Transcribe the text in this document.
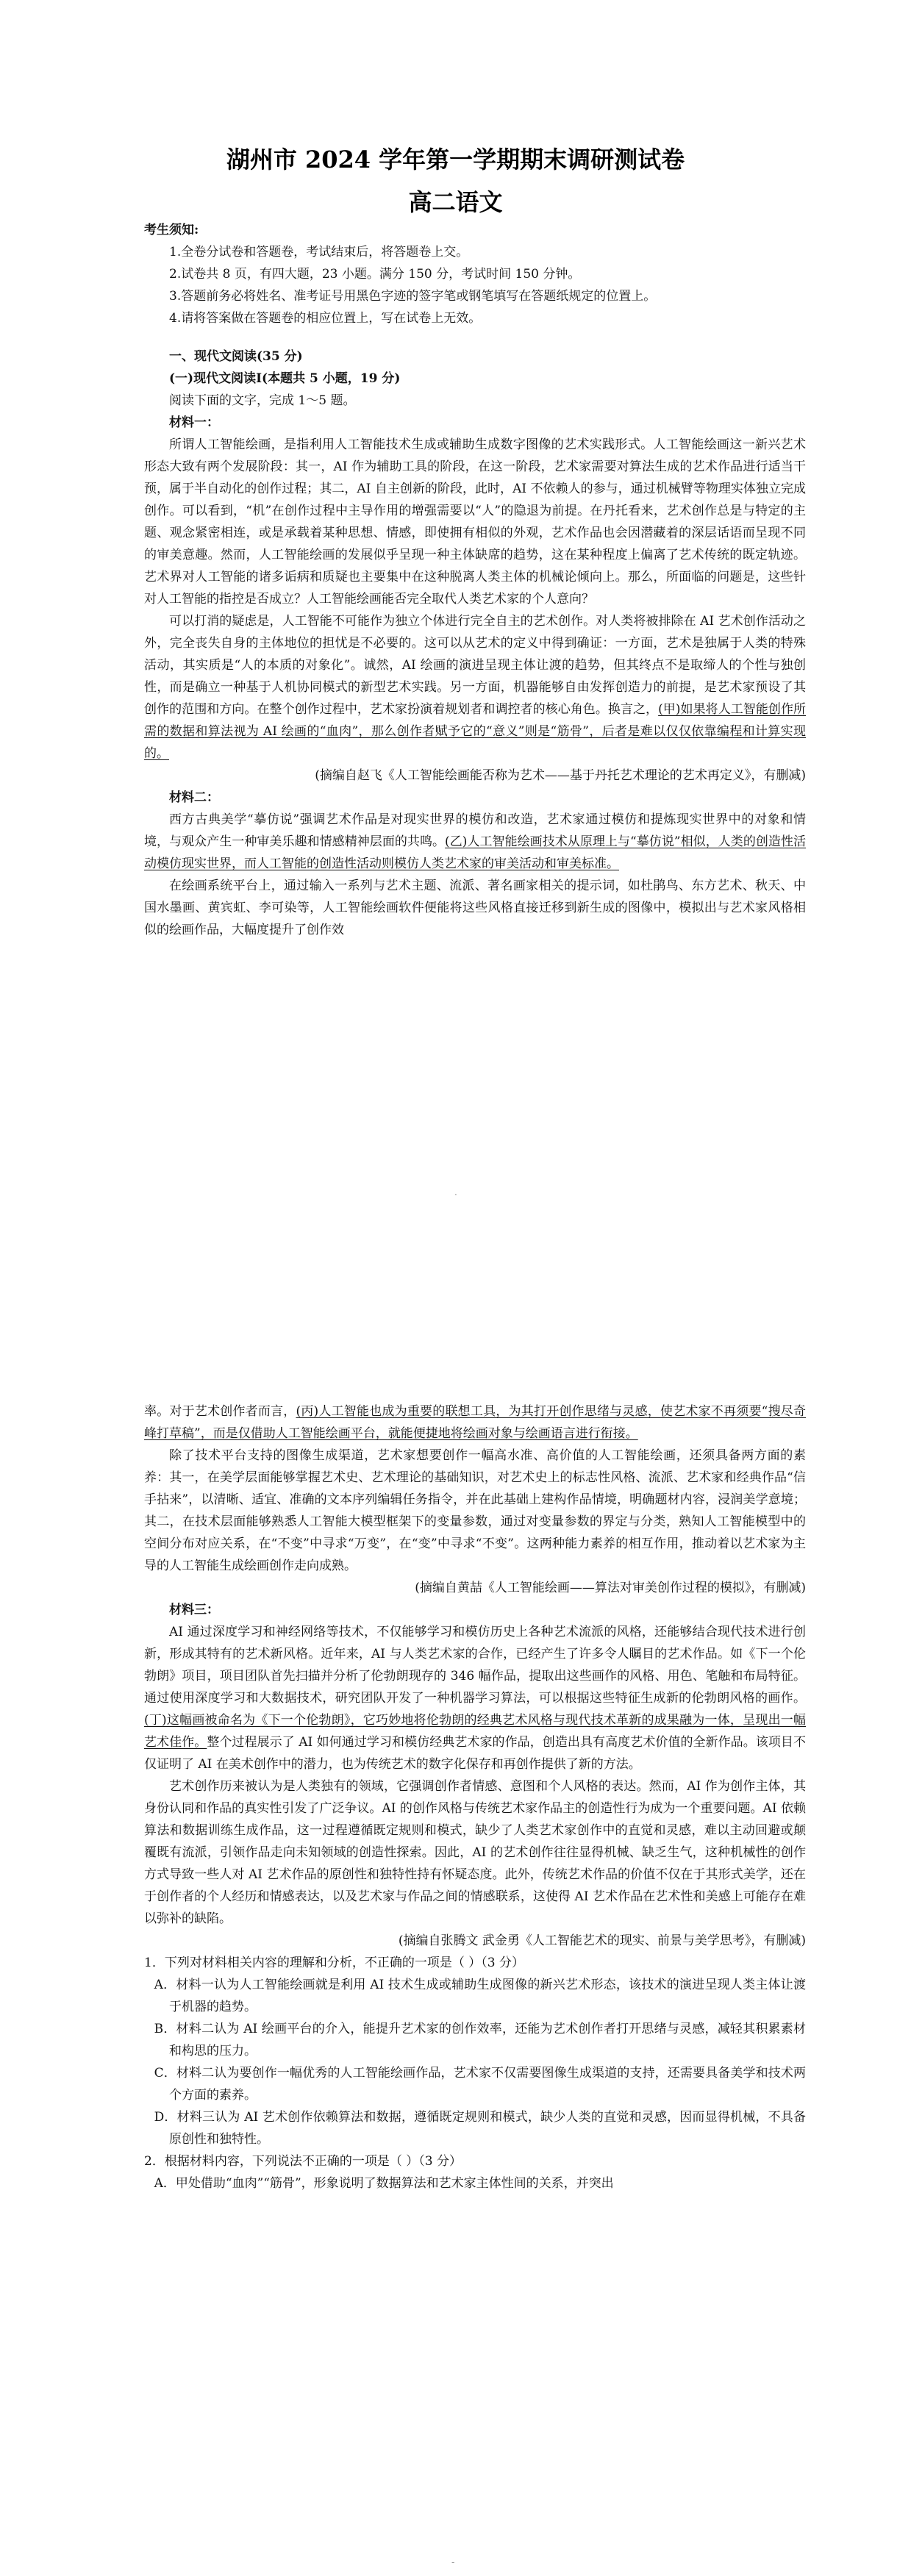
湖州市 2024 学年第一学期期末调研测试卷
高二语文

考生须知:

1.全卷分试卷和答题卷，考试结束后，将答题卷上交。

2.试卷共 8 页，有四大题，23 小题。满分 150 分，考试时间 150 分钟。

3.答题前务必将姓名、准考证号用黑色字迹的签字笔或钢笔填写在答题纸规定的位置上。

4.请将答案做在答题卷的相应位置上，写在试卷上无效。

一、现代文阅读(35 分)

(一)现代文阅读Ⅰ(本题共 5 小题，19 分)

阅读下面的文字，完成 1～5 题。

材料一：

所谓人工智能绘画，是指利用人工智能技术生成或辅助生成数字图像的艺术实践形式。人工智能绘画这一新兴艺术形态大致有两个发展阶段：其一，AI 作为辅助工具的阶段，在这一阶段，艺术家需要对算法生成的艺术作品进行适当干预，属于半自动化的创作过程；其二，AI 自主创新的阶段，此时，AI 不依赖人的参与，通过机械臂等物理实体独立完成创作。可以看到，“机”在创作过程中主导作用的增强需要以“人”的隐退为前提。在丹托看来，艺术创作总是与特定的主题、观念紧密相连，或是承载着某种思想、情感，即使拥有相似的外观，艺术作品也会因潜藏着的深层话语而呈现不同的审美意趣。然而，人工智能绘画的发展似乎呈现一种主体缺席的趋势，这在某种程度上偏离了艺术传统的既定轨迹。艺术界对人工智能的诸多诟病和质疑也主要集中在这种脱离人类主体的机械论倾向上。那么，所面临的问题是，这些针对人工智能的指控是否成立？人工智能绘画能否完全取代人类艺术家的个人意向？

可以打消的疑虑是，人工智能不可能作为独立个体进行完全自主的艺术创作。对人类将被排除在 AI 艺术创作活动之外，完全丧失自身的主体地位的担忧是不必要的。这可以从艺术的定义中得到确证：一方面，艺术是独属于人类的特殊活动，其实质是“人的本质的对象化”。诚然，AI 绘画的演进呈现主体让渡的趋势，但其终点不是取缔人的个性与独创性，而是确立一种基于人机协同模式的新型艺术实践。另一方面，机器能够自由发挥创造力的前提，是艺术家预设了其创作的范围和方向。在整个创作过程中，艺术家扮演着规划者和调控者的核心角色。换言之，(甲)如果将人工智能创作所需的数据和算法视为 AI 绘画的“血肉”，那么创作者赋予它的“意义”则是“筋骨”，后者是难以仅仅依靠编程和计算实现的。

(摘编自赵飞《人工智能绘画能否称为艺术——基于丹托艺术理论的艺术再定义》，有删减)

材料二：

西方古典美学“摹仿说”强调艺术作品是对现实世界的模仿和改造，艺术家通过模仿和提炼现实世界中的对象和情境，与观众产生一种审美乐趣和情感精神层面的共鸣。(乙)人工智能绘画技术从原理上与“摹仿说”相似，人类的创造性活动模仿现实世界，而人工智能的创造性活动则模仿人类艺术家的审美活动和审美标准。

在绘画系统平台上，通过输入一系列与艺术主题、流派、著名画家相关的提示词，如杜鹃鸟、东方艺术、秋天、中国水墨画、黄宾虹、李可染等，人工智能绘画软件便能将这些风格直接迁移到新生成的图像中，模拟出与艺术家风格相似的绘画作品，大幅度提升了创作效

·

率。对于艺术创作者而言，(丙)人工智能也成为重要的联想工具，为其打开创作思绪与灵感，使艺术家不再须要“搜尽奇峰打草稿”，而是仅借助人工智能绘画平台，就能便捷地将绘画对象与绘画语言进行衔接。

除了技术平台支持的图像生成渠道，艺术家想要创作一幅高水准、高价值的人工智能绘画，还须具备两方面的素养：其一，在美学层面能够掌握艺术史、艺术理论的基础知识，对艺术史上的标志性风格、流派、艺术家和经典作品“信手拈来”，以清晰、适宜、准确的文本序列编辑任务指令，并在此基础上建构作品情境，明确题材内容，浸润美学意境；其二，在技术层面能够熟悉人工智能大模型框架下的变量参数，通过对变量参数的界定与分类，熟知人工智能模型中的空间分布对应关系，在“不变”中寻求“万变”，在“变”中寻求“不变”。这两种能力素养的相互作用，推动着以艺术家为主导的人工智能生成绘画创作走向成熟。

(摘编自黄喆《人工智能绘画——算法对审美创作过程的模拟》，有删减)

材料三：

AI 通过深度学习和神经网络等技术，不仅能够学习和模仿历史上各种艺术流派的风格，还能够结合现代技术进行创新，形成其特有的艺术新风格。近年来，AI 与人类艺术家的合作，已经产生了许多令人瞩目的艺术作品。如《下一个伦勃朗》项目，项目团队首先扫描并分析了伦勃朗现存的 346 幅作品，提取出这些画作的风格、用色、笔触和布局特征。通过使用深度学习和大数据技术，研究团队开发了一种机器学习算法，可以根据这些特征生成新的伦勃朗风格的画作。(丁)这幅画被命名为《下一个伦勃朗》，它巧妙地将伦勃朗的经典艺术风格与现代技术革新的成果融为一体，呈现出一幅艺术佳作。整个过程展示了 AI 如何通过学习和模仿经典艺术家的作品，创造出具有高度艺术价值的全新作品。该项目不仅证明了 AI 在美术创作中的潜力，也为传统艺术的数字化保存和再创作提供了新的方法。

艺术创作历来被认为是人类独有的领域，它强调创作者情感、意图和个人风格的表达。然而，AI 作为创作主体，其身份认同和作品的真实性引发了广泛争议。AI 的创作风格与传统艺术家作品主的创造性行为成为一个重要问题。AI 依赖算法和数据训练生成作品，这一过程遵循既定规则和模式，缺少了人类艺术家创作中的直觉和灵感，难以主动回避或颠覆既有流派，引领作品走向未知领域的创造性探索。因此，AI 的艺术创作往往显得机械、缺乏生气，这种机械性的创作方式导致一些人对 AI 艺术作品的原创性和独特性持有怀疑态度。此外，传统艺术作品的价值不仅在于其形式美学，还在于创作者的个人经历和情感表达，以及艺术家与作品之间的情感联系，这使得 AI 艺术作品在艺术性和美感上可能存在难以弥补的缺陷。

(摘编自张腾文 武金勇《人工智能艺术的现实、前景与美学思考》，有删减)

1．下列对材料相关内容的理解和分析，不正确的一项是（ ）（3 分）

A．材料一认为人工智能绘画就是利用 AI 技术生成或辅助生成图像的新兴艺术形态，该技术的演进呈现人类主体让渡于机器的趋势。

B．材料二认为 AI 绘画平台的介入，能提升艺术家的创作效率，还能为艺术创作者打开思绪与灵感，减轻其积累素材和构思的压力。

C．材料二认为要创作一幅优秀的人工智能绘画作品，艺术家不仅需要图像生成渠道的支持，还需要具备美学和技术两个方面的素养。

D．材料三认为 AI 艺术创作依赖算法和数据，遵循既定规则和模式，缺少人类的直觉和灵感，因而显得机械，不具备原创性和独特性。

2．根据材料内容，下列说法不正确的一项是（ ）（3 分）

A．甲处借助“血肉”“筋骨”，形象说明了数据算法和艺术家主体性间的关系，并突出

-
